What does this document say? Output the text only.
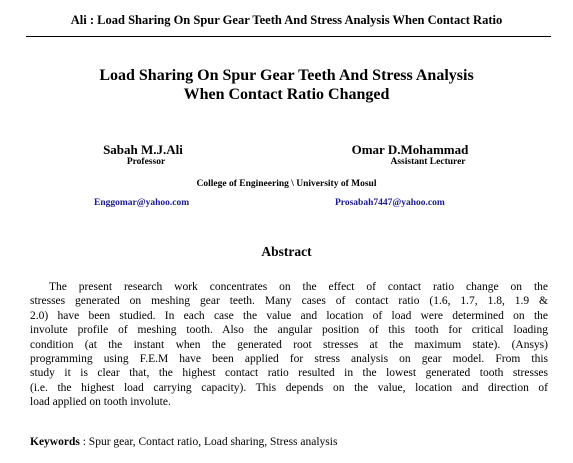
Ali : Load Sharing On Spur Gear Teeth And Stress Analysis When Contact Ratio
Load Sharing On Spur Gear Teeth And Stress Analysis
When Contact Ratio Changed
Sabah M.J.Ali
Professor
Omar D.Mohammad
Assistant Lecturer
College of Engineering \ University of Mosul
Enggomar@yahoo.com	Prosabah7447@yahoo.com
Abstract
The present research work concentrates on the effect of contact ratio change on the
stresses generated on meshing gear teeth. Many cases of contact ratio (1.6, 1.7, 1.8, 1.9 &
2.0) have been studied. In each case the value and location of load were determined on the
involute profile of meshing tooth. Also the angular position of this tooth for critical loading
condition (at the instant when the generated root stresses at the maximum state). (Ansys)
programming using F.E.M have been applied for stress analysis on gear model. From this
study it is clear that, the highest contact ratio resulted in the lowest generated tooth stresses
(i.e. the highest load carrying capacity). This depends on the value, location and direction of
load applied on tooth involute.
Keywords : Spur gear, Contact ratio, Load sharing, Stress analysis
